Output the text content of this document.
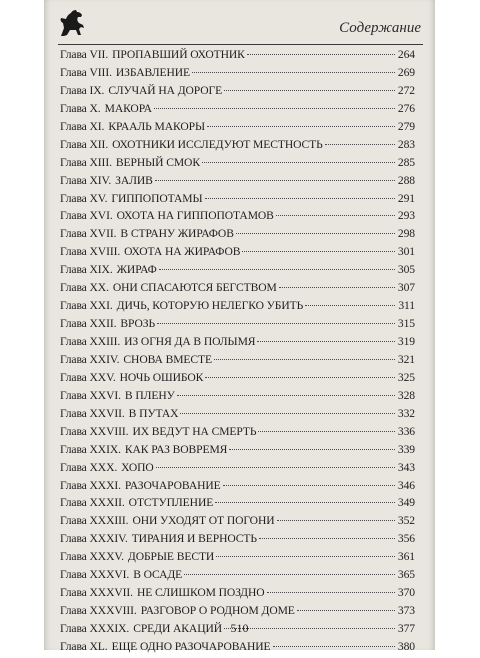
Содержание
Глава VII. ПРОПАВШИЙ ОХОТНИК	264
Глава VIII. ИЗБАВЛЕНИЕ	269
Глава IX. СЛУЧАЙ НА ДОРОГЕ	272
Глава X. МАКОРА	276
Глава XI. КРААЛЬ МАКОРЫ	279
Глава XII. ОХОТНИКИ ИССЛЕДУЮТ МЕСТНОСТЬ	283
Глава XIII. ВЕРНЫЙ СМОК	285
Глава XIV. ЗАЛИВ	288
Глава XV. ГИППОПОТАМЫ	291
Глава XVI. ОХОТА НА ГИППОПОТАМОВ	293
Глава XVII. В СТРАНУ ЖИРАФОВ	298
Глава XVIII. ОХОТА НА ЖИРАФОВ	301
Глава XIX. ЖИРАФ	305
Глава XX. ОНИ СПАСАЮТСЯ БЕГСТВОМ	307
Глава XXI. ДИЧЬ, КОТОРУЮ НЕЛЕГКО УБИТЬ	311
Глава XXII. ВРОЗЬ	315
Глава XXIII. ИЗ ОГНЯ ДА В ПОЛЫМЯ	319
Глава XXIV. СНОВА ВМЕСТЕ	321
Глава XXV. НОЧЬ ОШИБОК	325
Глава XXVI. В ПЛЕНУ	328
Глава XXVII. В ПУТАХ	332
Глава XXVIII. ИХ ВЕДУТ НА СМЕРТЬ	336
Глава XXIX. КАК РАЗ ВОВРЕМЯ	339
Глава XXX. ХОПО	343
Глава XXXI. РАЗОЧАРОВАНИЕ	346
Глава XXXII. ОТСТУПЛЕНИЕ	349
Глава XXXIII. ОНИ УХОДЯТ ОТ ПОГОНИ	352
Глава XXXIV. ТИРАНИЯ И ВЕРНОСТЬ	356
Глава XXXV. ДОБРЫЕ ВЕСТИ	361
Глава XXXVI. В ОСАДЕ	365
Глава XXXVII. НЕ СЛИШКОМ ПОЗДНО	370
Глава XXXVIII. РАЗГОВОР О РОДНОМ ДОМЕ	373
Глава XXXIX. СРЕДИ АКАЦИЙ	377
Глава XL. ЕЩЕ ОДНО РАЗОЧАРОВАНИЕ	380
510
